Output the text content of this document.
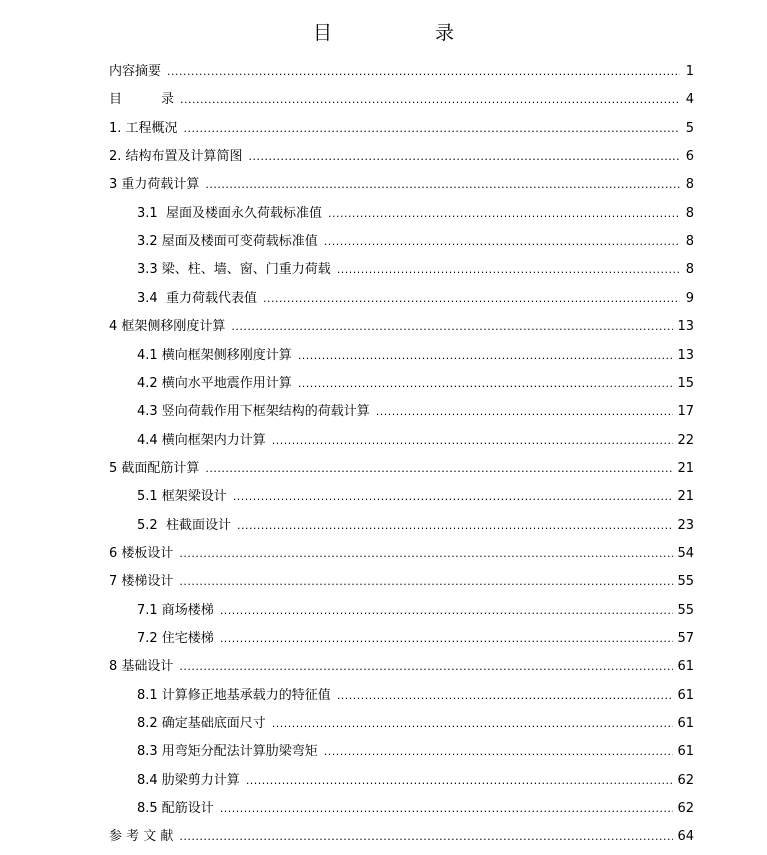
目　录
内容摘要 .....	1
目　　　录 .....	4
1. 工程概况 .....	5
2. 结构布置及计算简图 .....	6
3 重力荷载计算 .....	8
3.1  屋面及楼面永久荷载标准值 .....	8
3.2 屋面及楼面可变荷载标准值 .....	8
3.3 梁、柱、墙、窗、门重力荷载 .....	8
3.4  重力荷载代表值 .....	9
4 框架侧移刚度计算 .....	13
4.1 横向框架侧移刚度计算 .....	13
4.2 横向水平地震作用计算 .....	15
4.3 竖向荷载作用下框架结构的荷载计算 .....	17
4.4 横向框架内力计算 .....	22
5 截面配筋计算 .....	21
5.1 框架梁设计 .....	21
5.2  柱截面设计 .....	23
6 楼板设计 .....	54
7 楼梯设计 .....	55
7.1 商场楼梯 .....	55
7.2 住宅楼梯 .....	57
8 基础设计 .....	61
8.1 计算修正地基承载力的特征值 .....	61
8.2 确定基础底面尺寸 .....	61
8.3 用弯矩分配法计算肋梁弯矩 .....	61
8.4 肋梁剪力计算 .....	62
8.5 配筋设计 .....	62
参 考 文 献 .....	64
